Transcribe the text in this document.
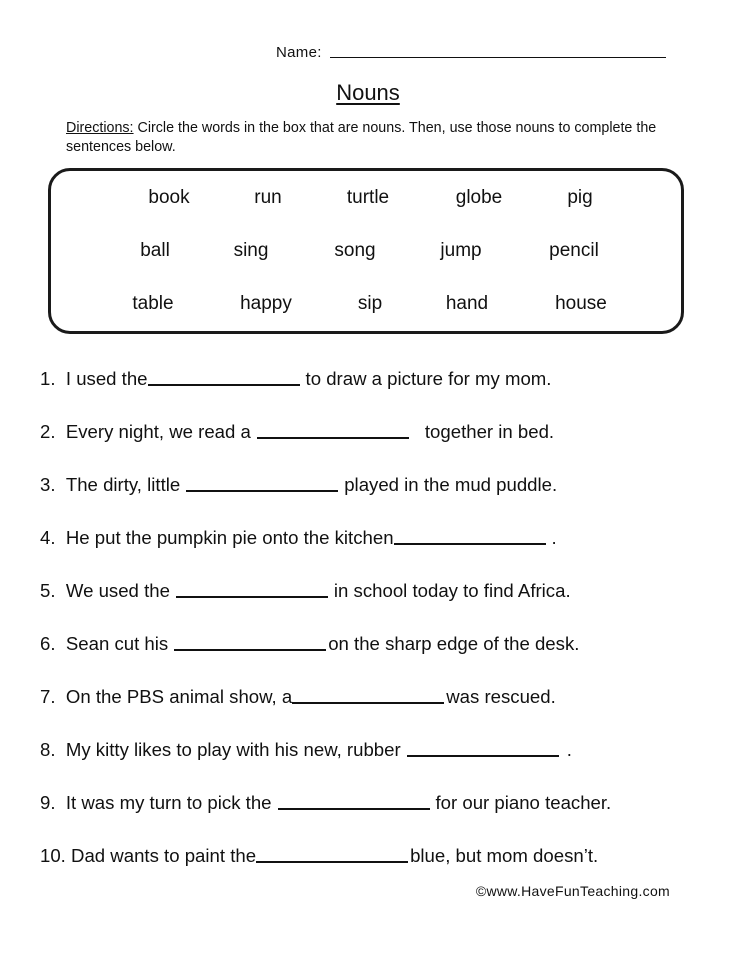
Name:
Nouns
Directions: Circle the words in the box that are nouns. Then, use those nouns to complete the sentences below.
book	run	turtle	globe	pig
ball	sing	song	jump	pencil
table	happy	sip	hand	house
1.
I used the	to draw a picture for my mom.
2.
Every night, we read a	together in bed.
3.
The dirty, little	played in the mud puddle.
4.
He put the pumpkin pie onto the kitchen	.
5.
We used the	in school today to find Africa.
6.
Sean cut his	on the sharp edge of the desk.
7.
On the PBS animal show, a	was rescued.
8.
My kitty likes to play with his new, rubber	.
9.
It was my turn to pick the	for our piano teacher.
10.
Dad wants to paint the	blue, but mom doesn’t.
©www.HaveFunTeaching.com
